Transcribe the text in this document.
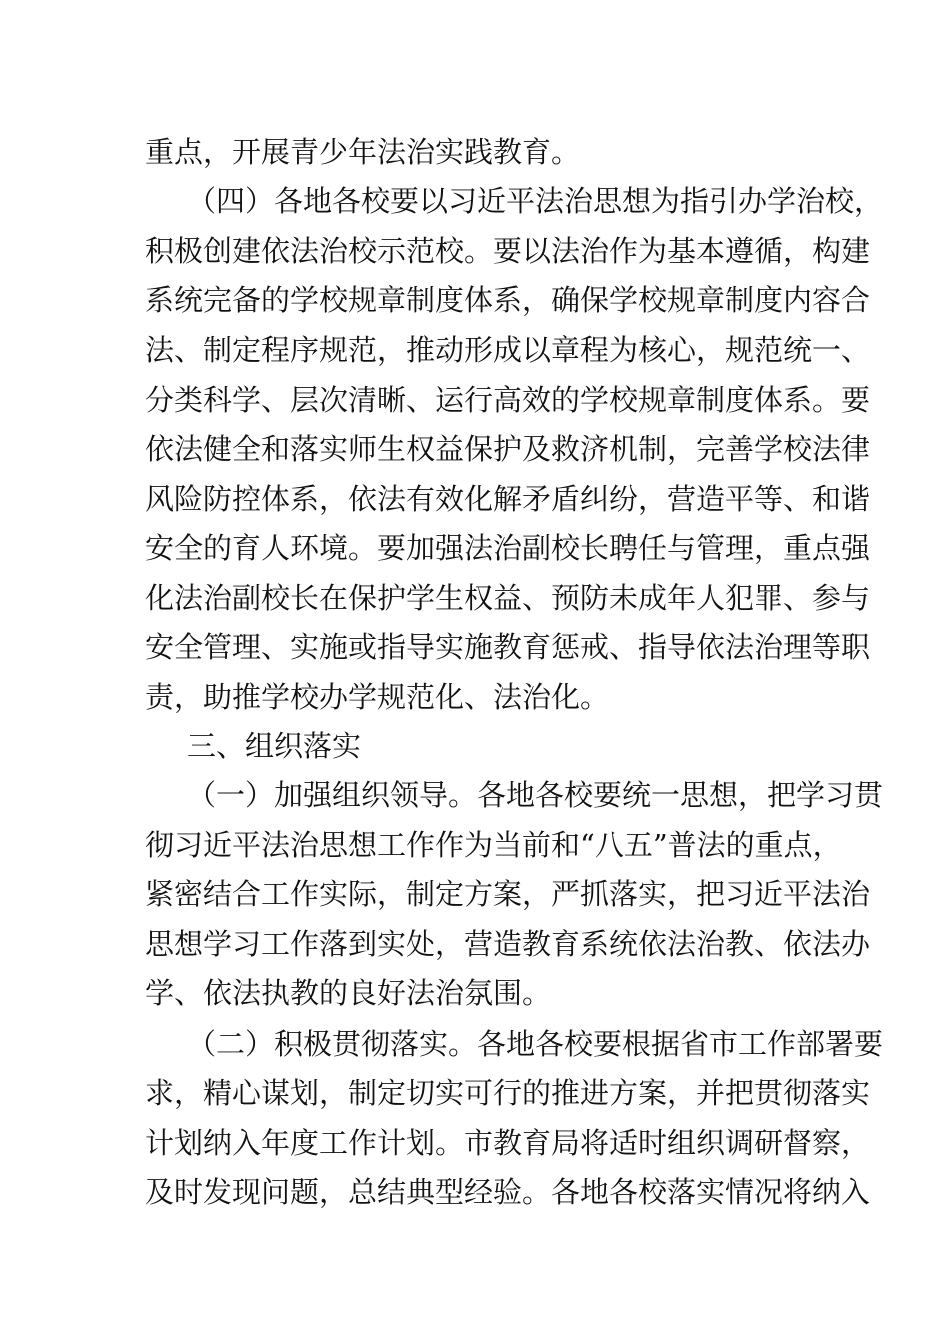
重点，开展青少年法治实践教育。
（四）各地各校要以习近平法治思想为指引办学治校，
积极创建依法治校示范校。要以法治作为基本遵循，构建
系统完备的学校规章制度体系，确保学校规章制度内容合
法、制定程序规范，推动形成以章程为核心，规范统一、
分类科学、层次清晰、运行高效的学校规章制度体系。要
依法健全和落实师生权益保护及救济机制，完善学校法律
风险防控体系，依法有效化解矛盾纠纷，营造平等、和谐
安全的育人环境。要加强法治副校长聘任与管理，重点强
化法治副校长在保护学生权益、预防未成年人犯罪、参与
安全管理、实施或指导实施教育惩戒、指导依法治理等职
责，助推学校办学规范化、法治化。
三、组织落实
（一）加强组织领导。各地各校要统一思想，把学习贯
彻习近平法治思想工作作为当前和“八五”普法的重点，
紧密结合工作实际，制定方案，严抓落实，把习近平法治
思想学习工作落到实处，营造教育系统依法治教、依法办
学、依法执教的良好法治氛围。
（二）积极贯彻落实。各地各校要根据省市工作部署要
求，精心谋划，制定切实可行的推进方案，并把贯彻落实
计划纳入年度工作计划。市教育局将适时组织调研督察，
及时发现问题，总结典型经验。各地各校落实情况将纳入
